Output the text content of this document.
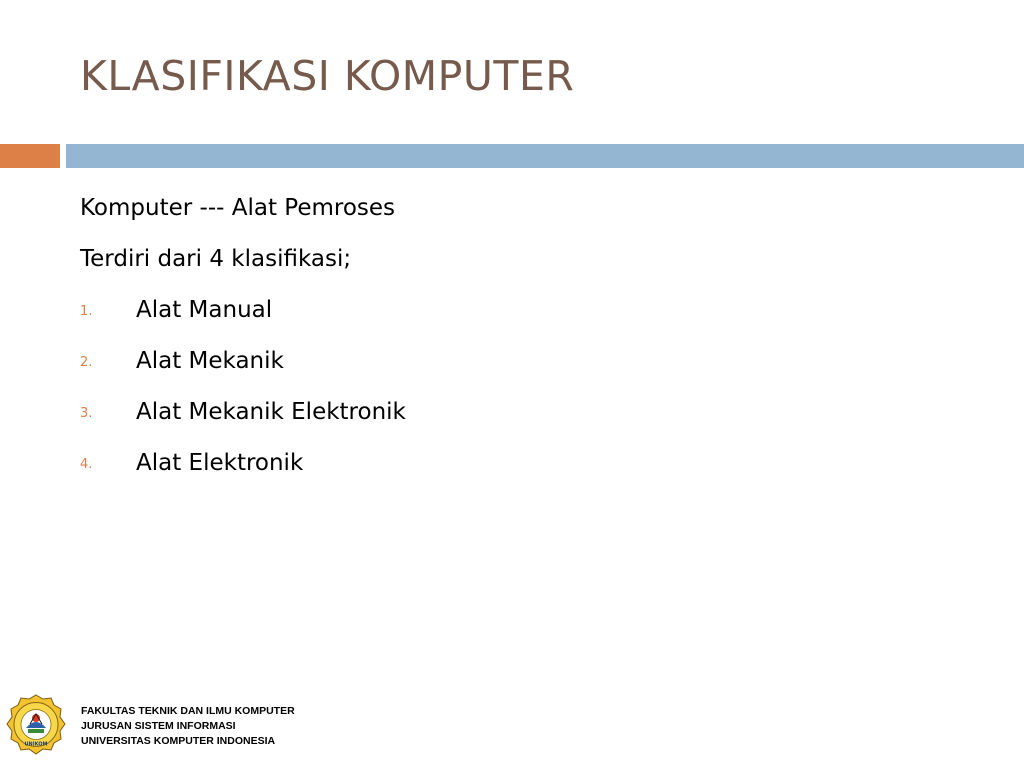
KLASIFIKASI KOMPUTER
Komputer --- Alat Pemroses
Terdiri dari 4 klasifikasi;
1. Alat Manual
2. Alat Mekanik
3. Alat Mekanik Elektronik
4. Alat Elektronik
UNIKOM
FAKULTAS TEKNIK DAN ILMU KOMPUTER
JURUSAN SISTEM INFORMASI
UNIVERSITAS KOMPUTER INDONESIA
